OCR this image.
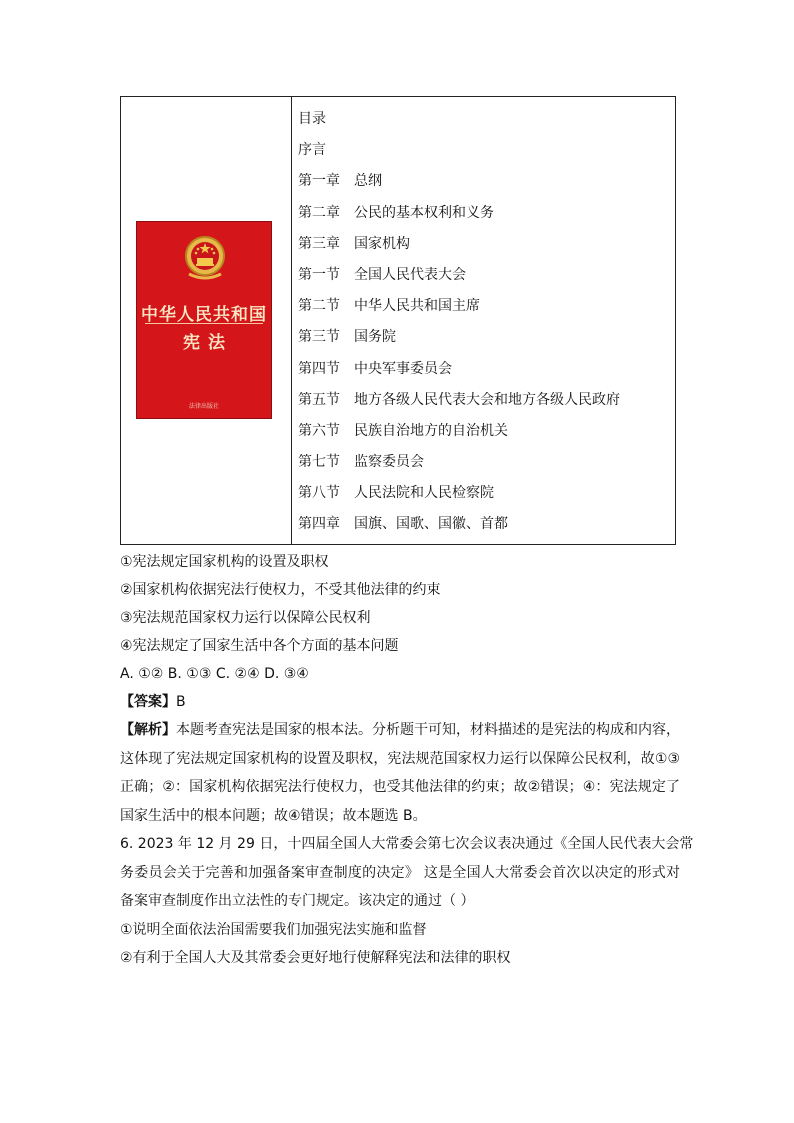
中华人民共和国
宪法
法律出版社
目录
序言
第一章 总纲
第二章 公民的基本权利和义务
第三章 国家机构
第一节 全国人民代表大会
第二节 中华人民共和国主席
第三节 国务院
第四节 中央军事委员会
第五节 地方各级人民代表大会和地方各级人民政府
第六节 民族自治地方的自治机关
第七节 监察委员会
第八节 人民法院和人民检察院
第四章 国旗、国歌、国徽、首都
①宪法规定国家机构的设置及职权
②国家机构依据宪法行使权力，不受其他法律的约束
③宪法规范国家权力运行以保障公民权利
④宪法规定了国家生活中各个方面的基本问题
A. ①② B. ①③ C. ②④ D. ③④
【答案】B
【解析】本题考查宪法是国家的根本法。分析题干可知，材料描述的是宪法的构成和内容，
这体现了宪法规定国家机构的设置及职权，宪法规范国家权力运行以保障公民权利，故①③
正确；②：国家机构依据宪法行使权力，也受其他法律的约束；故②错误；④：宪法规定了
国家生活中的根本问题；故④错误；故本题选 B。
6. 2023 年 12 月 29 日，十四届全国人大常委会第七次会议表决通过《全国人民代表大会常
务委员会关于完善和加强备案审查制度的决定》 这是全国人大常委会首次以决定的形式对
备案审查制度作出立法性的专门规定。该决定的通过（ ）
①说明全面依法治国需要我们加强宪法实施和监督
②有利于全国人大及其常委会更好地行使解释宪法和法律的职权
